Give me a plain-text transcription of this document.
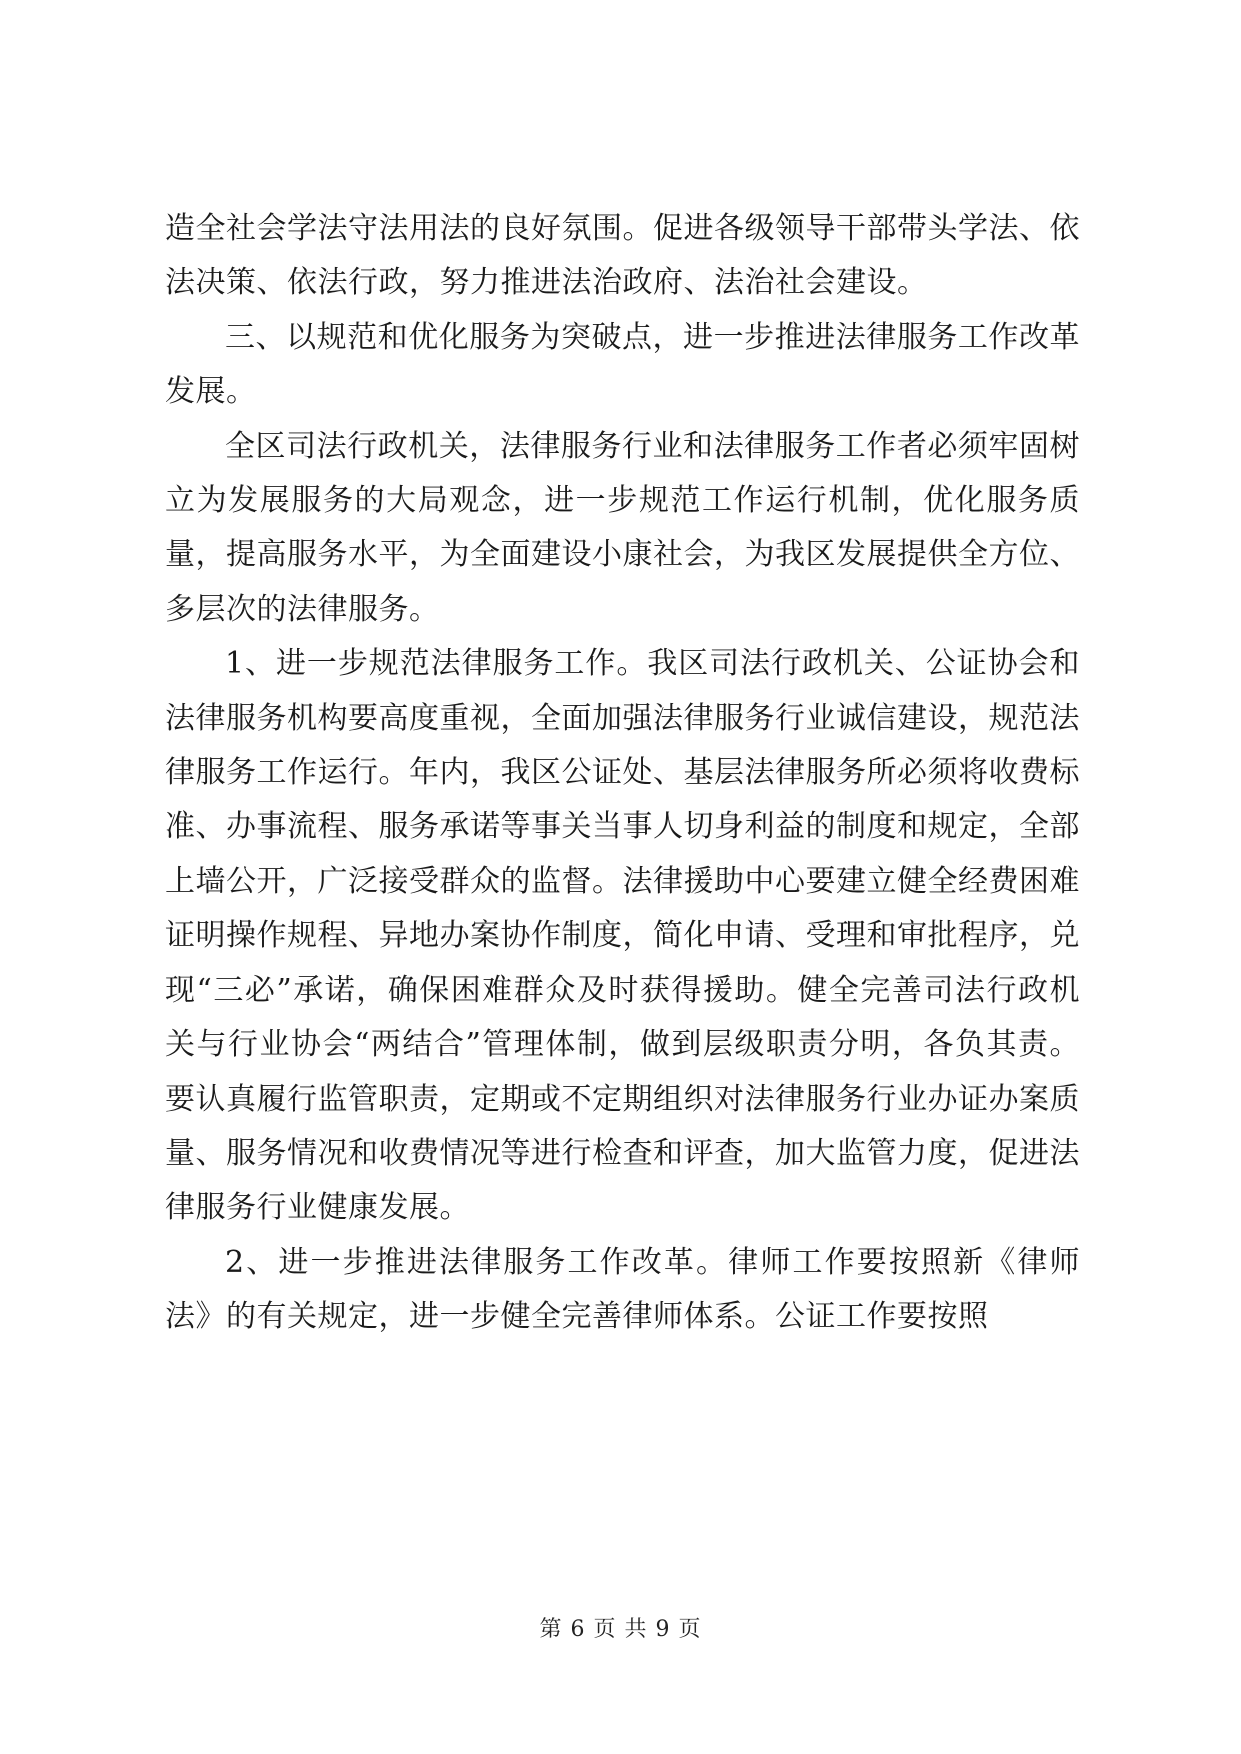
造全社会学法守法用法的良好氛围。促进各级领导干部带头学法、依法决策、依法行政，努力推进法治政府、法治社会建设。

三、以规范和优化服务为突破点，进一步推进法律服务工作改革发展。

全区司法行政机关，法律服务行业和法律服务工作者必须牢固树立为发展服务的大局观念，进一步规范工作运行机制，优化服务质量，提高服务水平，为全面建设小康社会，为我区发展提供全方位、多层次的法律服务。

1、进一步规范法律服务工作。我区司法行政机关、公证协会和法律服务机构要高度重视，全面加强法律服务行业诚信建设，规范法律服务工作运行。年内，我区公证处、基层法律服务所必须将收费标准、办事流程、服务承诺等事关当事人切身利益的制度和规定，全部上墙公开，广泛接受群众的监督。法律援助中心要建立健全经费困难证明操作规程、异地办案协作制度，简化申请、受理和审批程序，兑现“三必”承诺，确保困难群众及时获得援助。健全完善司法行政机关与行业协会“两结合”管理体制，做到层级职责分明，各负其责。要认真履行监管职责，定期或不定期组织对法律服务行业办证办案质量、服务情况和收费情况等进行检查和评查，加大监管力度，促进法律服务行业健康发展。

2、进一步推进法律服务工作改革。律师工作要按照新《律师法》的有关规定，进一步健全完善律师体系。公证工作要按照

第 6 页 共 9 页
